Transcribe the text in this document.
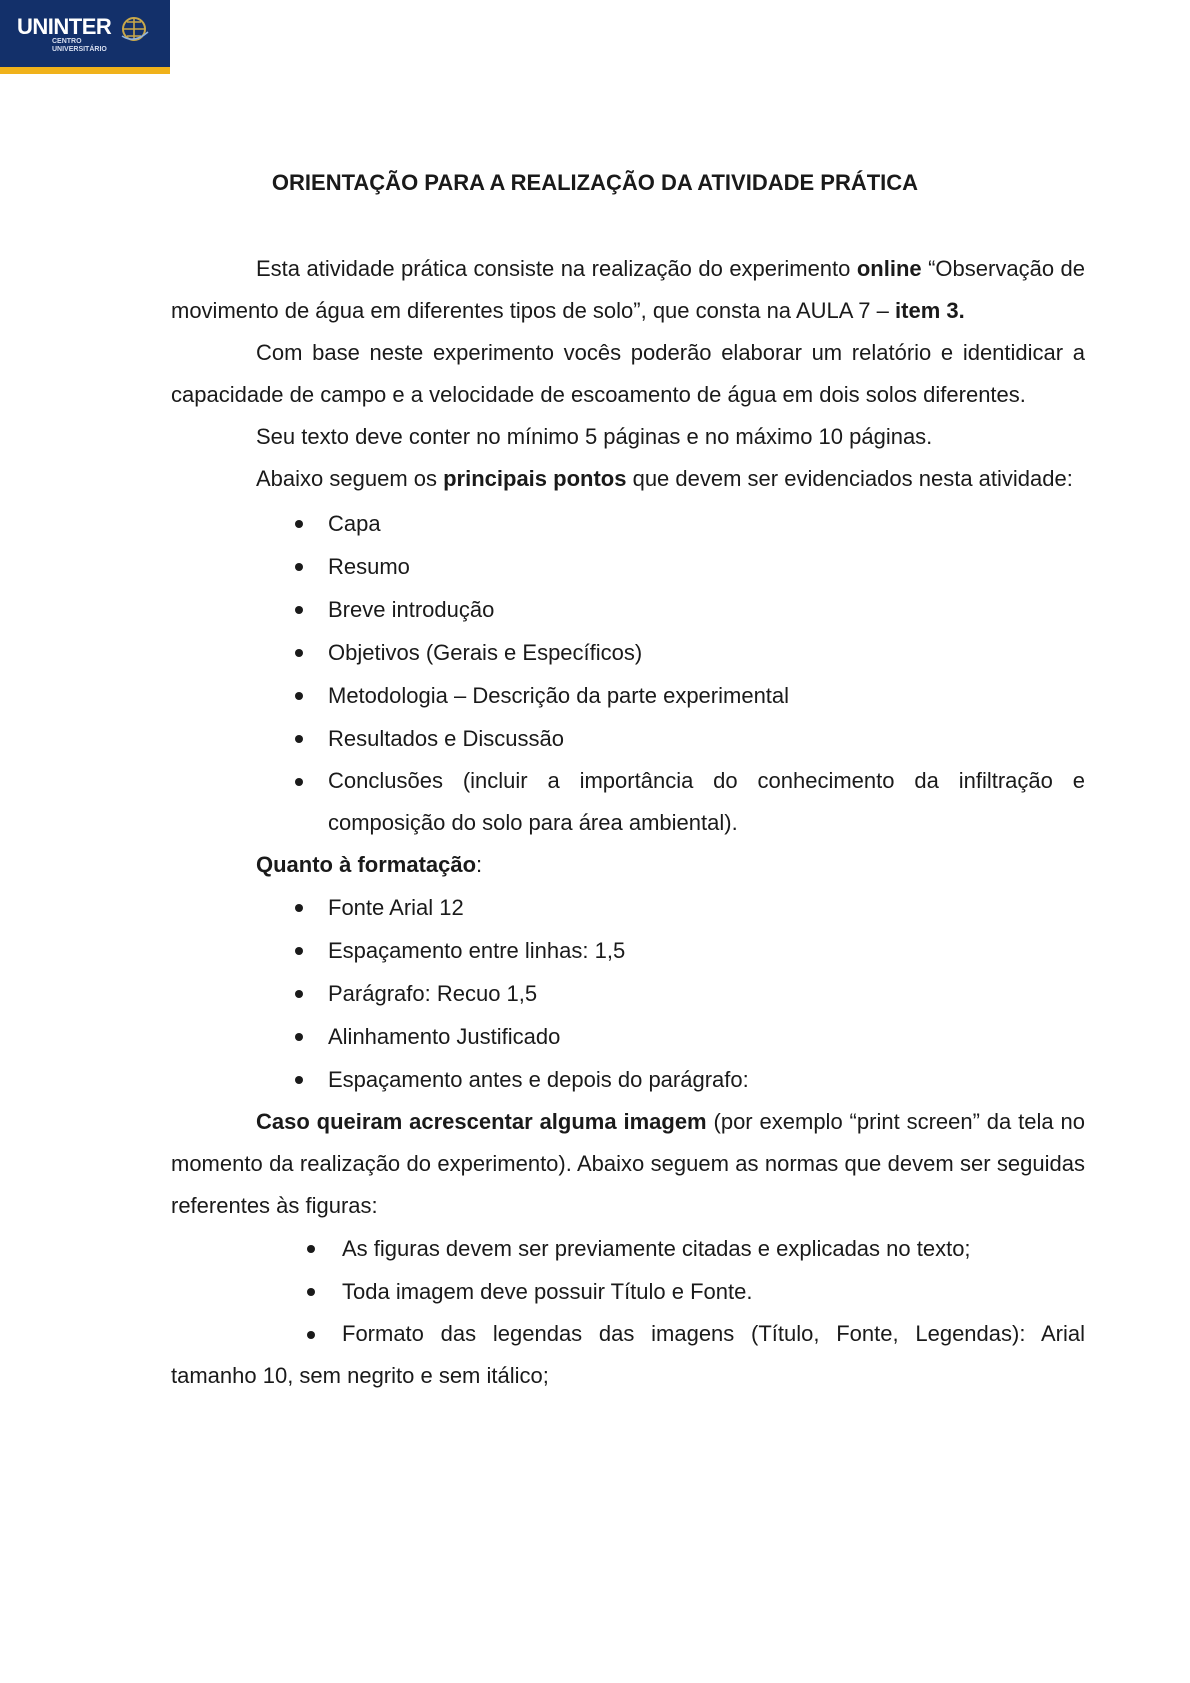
UNINTER
CENTRO
UNIVERSITÁRIO
ORIENTAÇÃO PARA A REALIZAÇÃO DA ATIVIDADE PRÁTICA

Esta atividade prática consiste na realização do experimento online “Observação de movimento de água em diferentes tipos de solo”, que consta na AULA 7 – item 3.

Com base neste experimento vocês poderão elaborar um relatório e identidicar a capacidade de campo e a velocidade de escoamento de água em dois solos diferentes.

Seu texto deve conter no mínimo 5 páginas e no máximo 10 páginas.

Abaixo seguem os principais pontos que devem ser evidenciados nesta atividade:

Capa
Resumo
Breve introdução
Objetivos (Gerais e Específicos)
Metodologia – Descrição da parte experimental
Resultados e Discussão
Conclusões (incluir a importância do conhecimento da infiltração e composição do solo para área ambiental).

Quanto à formatação:

Fonte Arial 12
Espaçamento entre linhas: 1,5
Parágrafo: Recuo 1,5
Alinhamento Justificado
Espaçamento antes e depois do parágrafo:

Caso queiram acrescentar alguma imagem (por exemplo “print screen” da tela no momento da realização do experimento). Abaixo seguem as normas que devem ser seguidas referentes às figuras:

As figuras devem ser previamente citadas e explicadas no texto;
Toda imagem deve possuir Título e Fonte.

Formato das legendas das imagens (Título, Fonte, Legendas): Arial tamanho 10, sem negrito e sem itálico;
